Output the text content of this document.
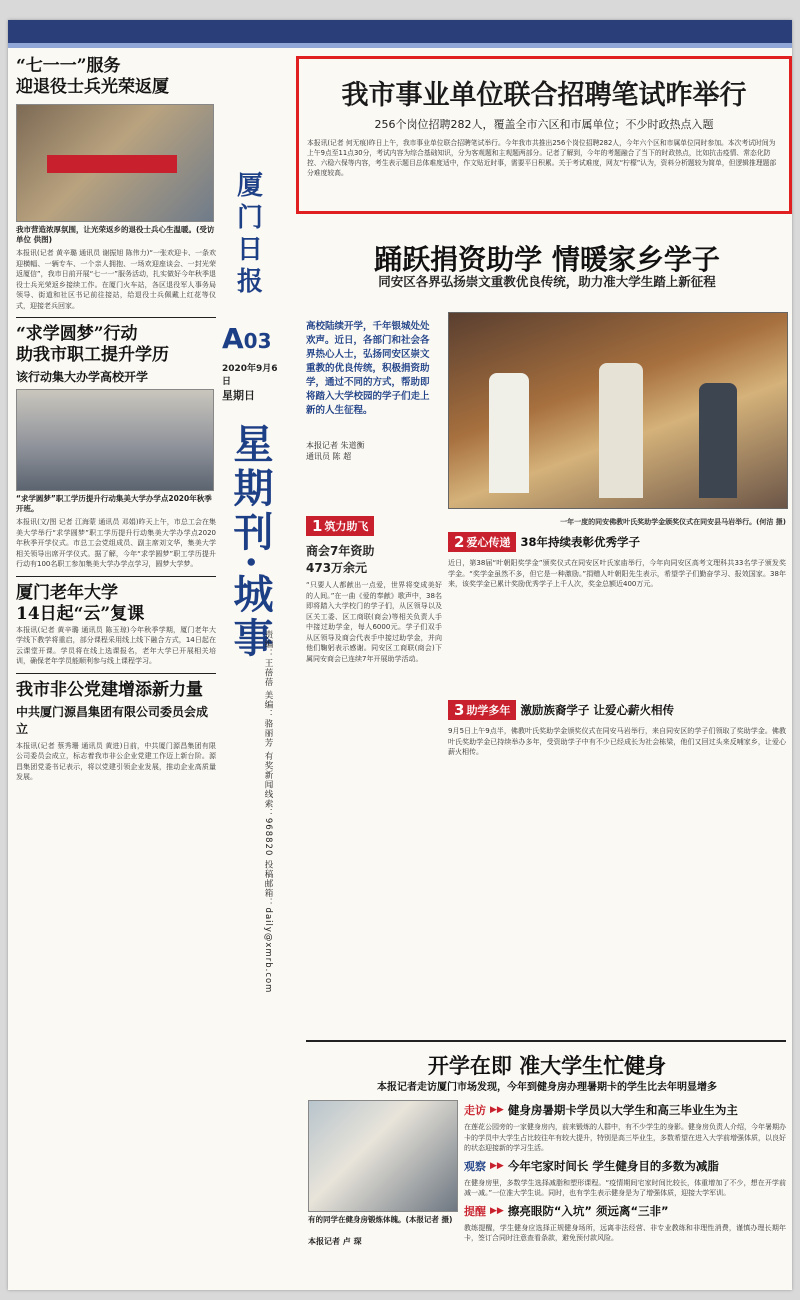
“七一一”服务

迎退役士兵光荣返厦

我市营造浓厚氛围，让光荣返乡的退役士兵心生温暖。(受访单位 供图)

本报讯(记者 黄辛璐 通讯员 谢振旭 陈伟力)“一张欢迎卡、一条欢迎横幅、一辆专车、一个亲人拥抱、一场欢迎座谈会、一封光荣返厦信”，我市日前开展“七一一”服务活动，扎实做好今年秋季退役士兵光荣返乡接续工作。在厦门火车站，各区退役军人事务局领导、街道和社区书记前往接站，给退役士兵佩戴上红花等仪式，迎接老兵回家。

“求学圆梦”行动

助我市职工提升学历

该行动集大办学高校开学

“求学圆梦”职工学历提升行动集美大学办学点2020年秋季开班。

本报讯(文/图 记者 江海蒙 通讯员 邓娟)昨天上午，市总工会在集美大学举行“求学圆梦”职工学历提升行动集美大学办学点2020年秋季开学仪式。市总工会党组成员、副主席刘文华，集美大学相关领导出席开学仪式。据了解，今年“求学圆梦”职工学历提升行动有100名职工参加集美大学办学点学习，圆梦大学梦。

厦门老年大学

14日起“云”复课

本报讯(记者 黄辛璐 通讯员 陈玉琼)今年秋季学期，厦门老年大学线下教学将重启，部分课程采用线上线下融合方式，14日起在云课堂开课。学员将在线上选课报名，老年大学已开展相关培训，确保老年学员能顺利参与线上课程学习。

我市非公党建增添新力量

中共厦门源昌集团有限公司委员会成立

本报讯(记者 蔡秀珊 通讯员 黄进)日前，中共厦门源昌集团有限公司委员会成立，标志着我市非公企业党建工作迈上新台阶。源昌集团党委书记表示，将以党建引领企业发展，推动企业高质量发展。

厦门日报
A03
2020年9月6日
星期日
星期刊·城事
责编：王蓓蓓 美编：骆丽芳 有奖新闻线索：968820 投稿邮箱：daily@xmrb.com

我市事业单位联合招聘笔试昨举行

256个岗位招聘282人，覆盖全市六区和市属单位；不少时政热点入题

本报讯(记者 何无痕)昨日上午，我市事业单位联合招聘笔试举行。今年我市共推出256个岗位招聘282人，今年六个区和市属单位同时参加。本次考试时间为上午9点至11点30分，考试内容为综合基础知识，分为客观题和主观题两部分。记者了解到，今年的考题融合了当下的时政热点，比如抗击疫情、常态化防控、六稳六保等内容，考生表示题目总体难度适中，作文贴近时事，需要平日积累。关于考试难度，网友“柠檬”认为，资料分析题较为简单，但逻辑推理题部分难度较高。

踊跃捐资助学 情暖家乡学子

同安区各界弘扬崇文重教优良传统，助力准大学生踏上新征程

高校陆续开学，千年银城处处欢声。近日，各部门和社会各界热心人士，弘扬同安区崇文重教的优良传统，积极捐资助学，通过不同的方式，帮助即将踏入大学校园的学子们走上新的人生征程。

本报记者 朱道衡
通讯员 陈 超

一年一度的同安佛教叶氏奖助学金颁奖仪式在同安县马岩举行。(何洁 摄)

1 筑力助飞

商会7年资助

473万余元

“只要人人都献出一点爱，世界将变成美好的人间。”在一曲《爱的奉献》歌声中，38名即将踏入大学校门的学子们，从区领导以及区关工委、区工商联(商会)等相关负责人手中接过助学金，每人6000元。学子们双手从区领导及商会代表手中接过助学金，并向他们鞠躬表示感谢。同安区工商联(商会)下属同安商会已连续7年开展助学活动。

2 爱心传递 38年持续表彰优秀学子

近日，第38届“叶朝阳奖学金”颁奖仪式在同安区叶氏家庙举行，今年向同安区高考文理科共33名学子颁发奖学金。“奖学金虽然不多，但它是一种激励。”捐赠人叶朝阳先生表示，希望学子们勤奋学习、报效国家。38年来，该奖学金已累计奖励优秀学子上千人次，奖金总额近400万元。

3 助学多年 激励族裔学子 让爱心薪火相传

9月5日上午9点半，佛教叶氏奖助学金颁奖仪式在同安马岩举行，来自同安区的学子们领取了奖助学金。佛教叶氏奖助学金已持续举办多年，受资助学子中有不少已经成长为社会栋梁，他们又回过头来反哺家乡，让爱心薪火相传。

开学在即 准大学生忙健身

本报记者走访厦门市场发现，今年到健身房办理暑期卡的学生比去年明显增多

有的同学在健身房锻炼体魄。(本报记者 摄)

本报记者 卢 琛

走访 ▶▶ 健身房暑期卡学员以大学生和高三毕业生为主

在莲花公园旁的一家健身房内，前来锻炼的人群中，有不少学生的身影。健身房负责人介绍，今年暑期办卡的学员中大学生占比较往年有较大提升，特别是高三毕业生，多数希望在进入大学前增强体质，以良好的状态迎接新的学习生活。

观察 ▶▶ 今年宅家时间长 学生健身目的多数为减脂

在健身房里，多数学生选择减脂和塑形课程。“疫情期间宅家时间比较长，体重增加了不少，想在开学前减一减。”一位准大学生说。同时，也有学生表示健身是为了增强体质，迎接大学军训。

提醒 ▶▶ 擦亮眼防“入坑” 须远离“三非”

教练提醒，学生健身应选择正规健身场所，远离非法经营、非专业教练和非理性消费，谨慎办理长期年卡，签订合同时注意查看条款，避免预付款风险。
